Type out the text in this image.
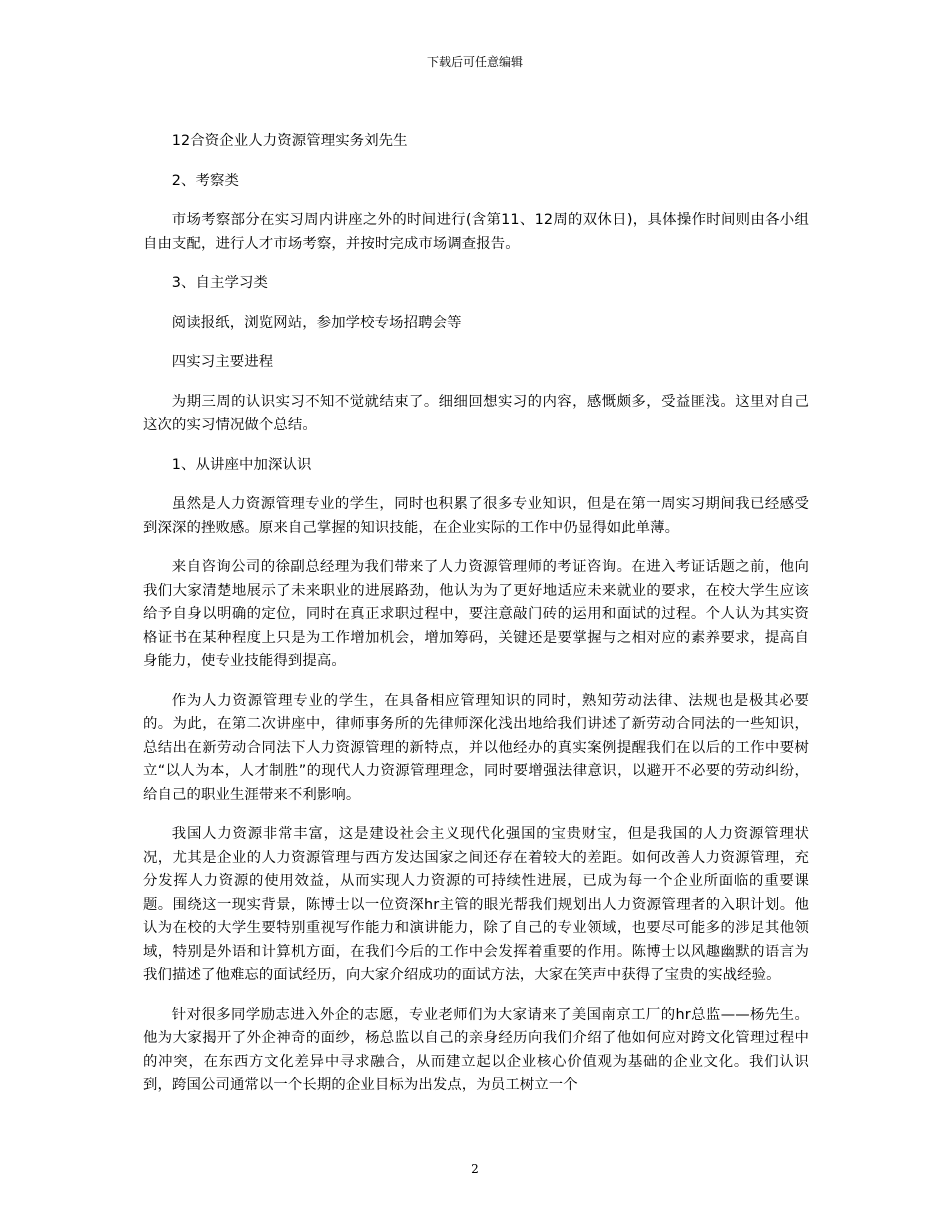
下载后可任意编辑

12合资企业人力资源管理实务刘先生

2、考察类

市场考察部分在实习周内讲座之外的时间进行(含第11、12周的双休日)，具体操作时间则由各小组自由支配，进行人才市场考察，并按时完成市场调查报告。

3、自主学习类

阅读报纸，浏览网站，参加学校专场招聘会等

四实习主要进程

为期三周的认识实习不知不觉就结束了。细细回想实习的内容，感慨颇多，受益匪浅。这里对自己这次的实习情况做个总结。

1、从讲座中加深认识

虽然是人力资源管理专业的学生，同时也积累了很多专业知识，但是在第一周实习期间我已经感受到深深的挫败感。原来自己掌握的知识技能，在企业实际的工作中仍显得如此单薄。

来自咨询公司的徐副总经理为我们带来了人力资源管理师的考证咨询。在进入考证话题之前，他向我们大家清楚地展示了未来职业的进展路劲，他认为为了更好地适应未来就业的要求，在校大学生应该给予自身以明确的定位，同时在真正求职过程中，要注意敲门砖的运用和面试的过程。个人认为其实资格证书在某种程度上只是为工作增加机会，增加筹码，关键还是要掌握与之相对应的素养要求，提高自身能力，使专业技能得到提高。

作为人力资源管理专业的学生，在具备相应管理知识的同时，熟知劳动法律、法规也是极其必要的。为此，在第二次讲座中，律师事务所的先律师深化浅出地给我们讲述了新劳动合同法的一些知识，总结出在新劳动合同法下人力资源管理的新特点，并以他经办的真实案例提醒我们在以后的工作中要树立“以人为本，人才制胜”的现代人力资源管理理念，同时要增强法律意识，以避开不必要的劳动纠纷，给自己的职业生涯带来不利影响。

我国人力资源非常丰富，这是建设社会主义现代化强国的宝贵财宝，但是我国的人力资源管理状况，尤其是企业的人力资源管理与西方发达国家之间还存在着较大的差距。如何改善人力资源管理，充分发挥人力资源的使用效益，从而实现人力资源的可持续性进展，已成为每一个企业所面临的重要课题。围绕这一现实背景，陈博士以一位资深hr主管的眼光帮我们规划出人力资源管理者的入职计划。他认为在校的大学生要特别重视写作能力和演讲能力，除了自己的专业领域，也要尽可能多的涉足其他领域，特别是外语和计算机方面，在我们今后的工作中会发挥着重要的作用。陈博士以风趣幽默的语言为我们描述了他难忘的面试经历，向大家介绍成功的面试方法，大家在笑声中获得了宝贵的实战经验。

针对很多同学励志进入外企的志愿，专业老师们为大家请来了美国南京工厂的hr总监——杨先生。他为大家揭开了外企神奇的面纱，杨总监以自己的亲身经历向我们介绍了他如何应对跨文化管理过程中的冲突，在东西方文化差异中寻求融合，从而建立起以企业核心价值观为基础的企业文化。我们认识到，跨国公司通常以一个长期的企业目标为出发点，为员工树立一个

2
